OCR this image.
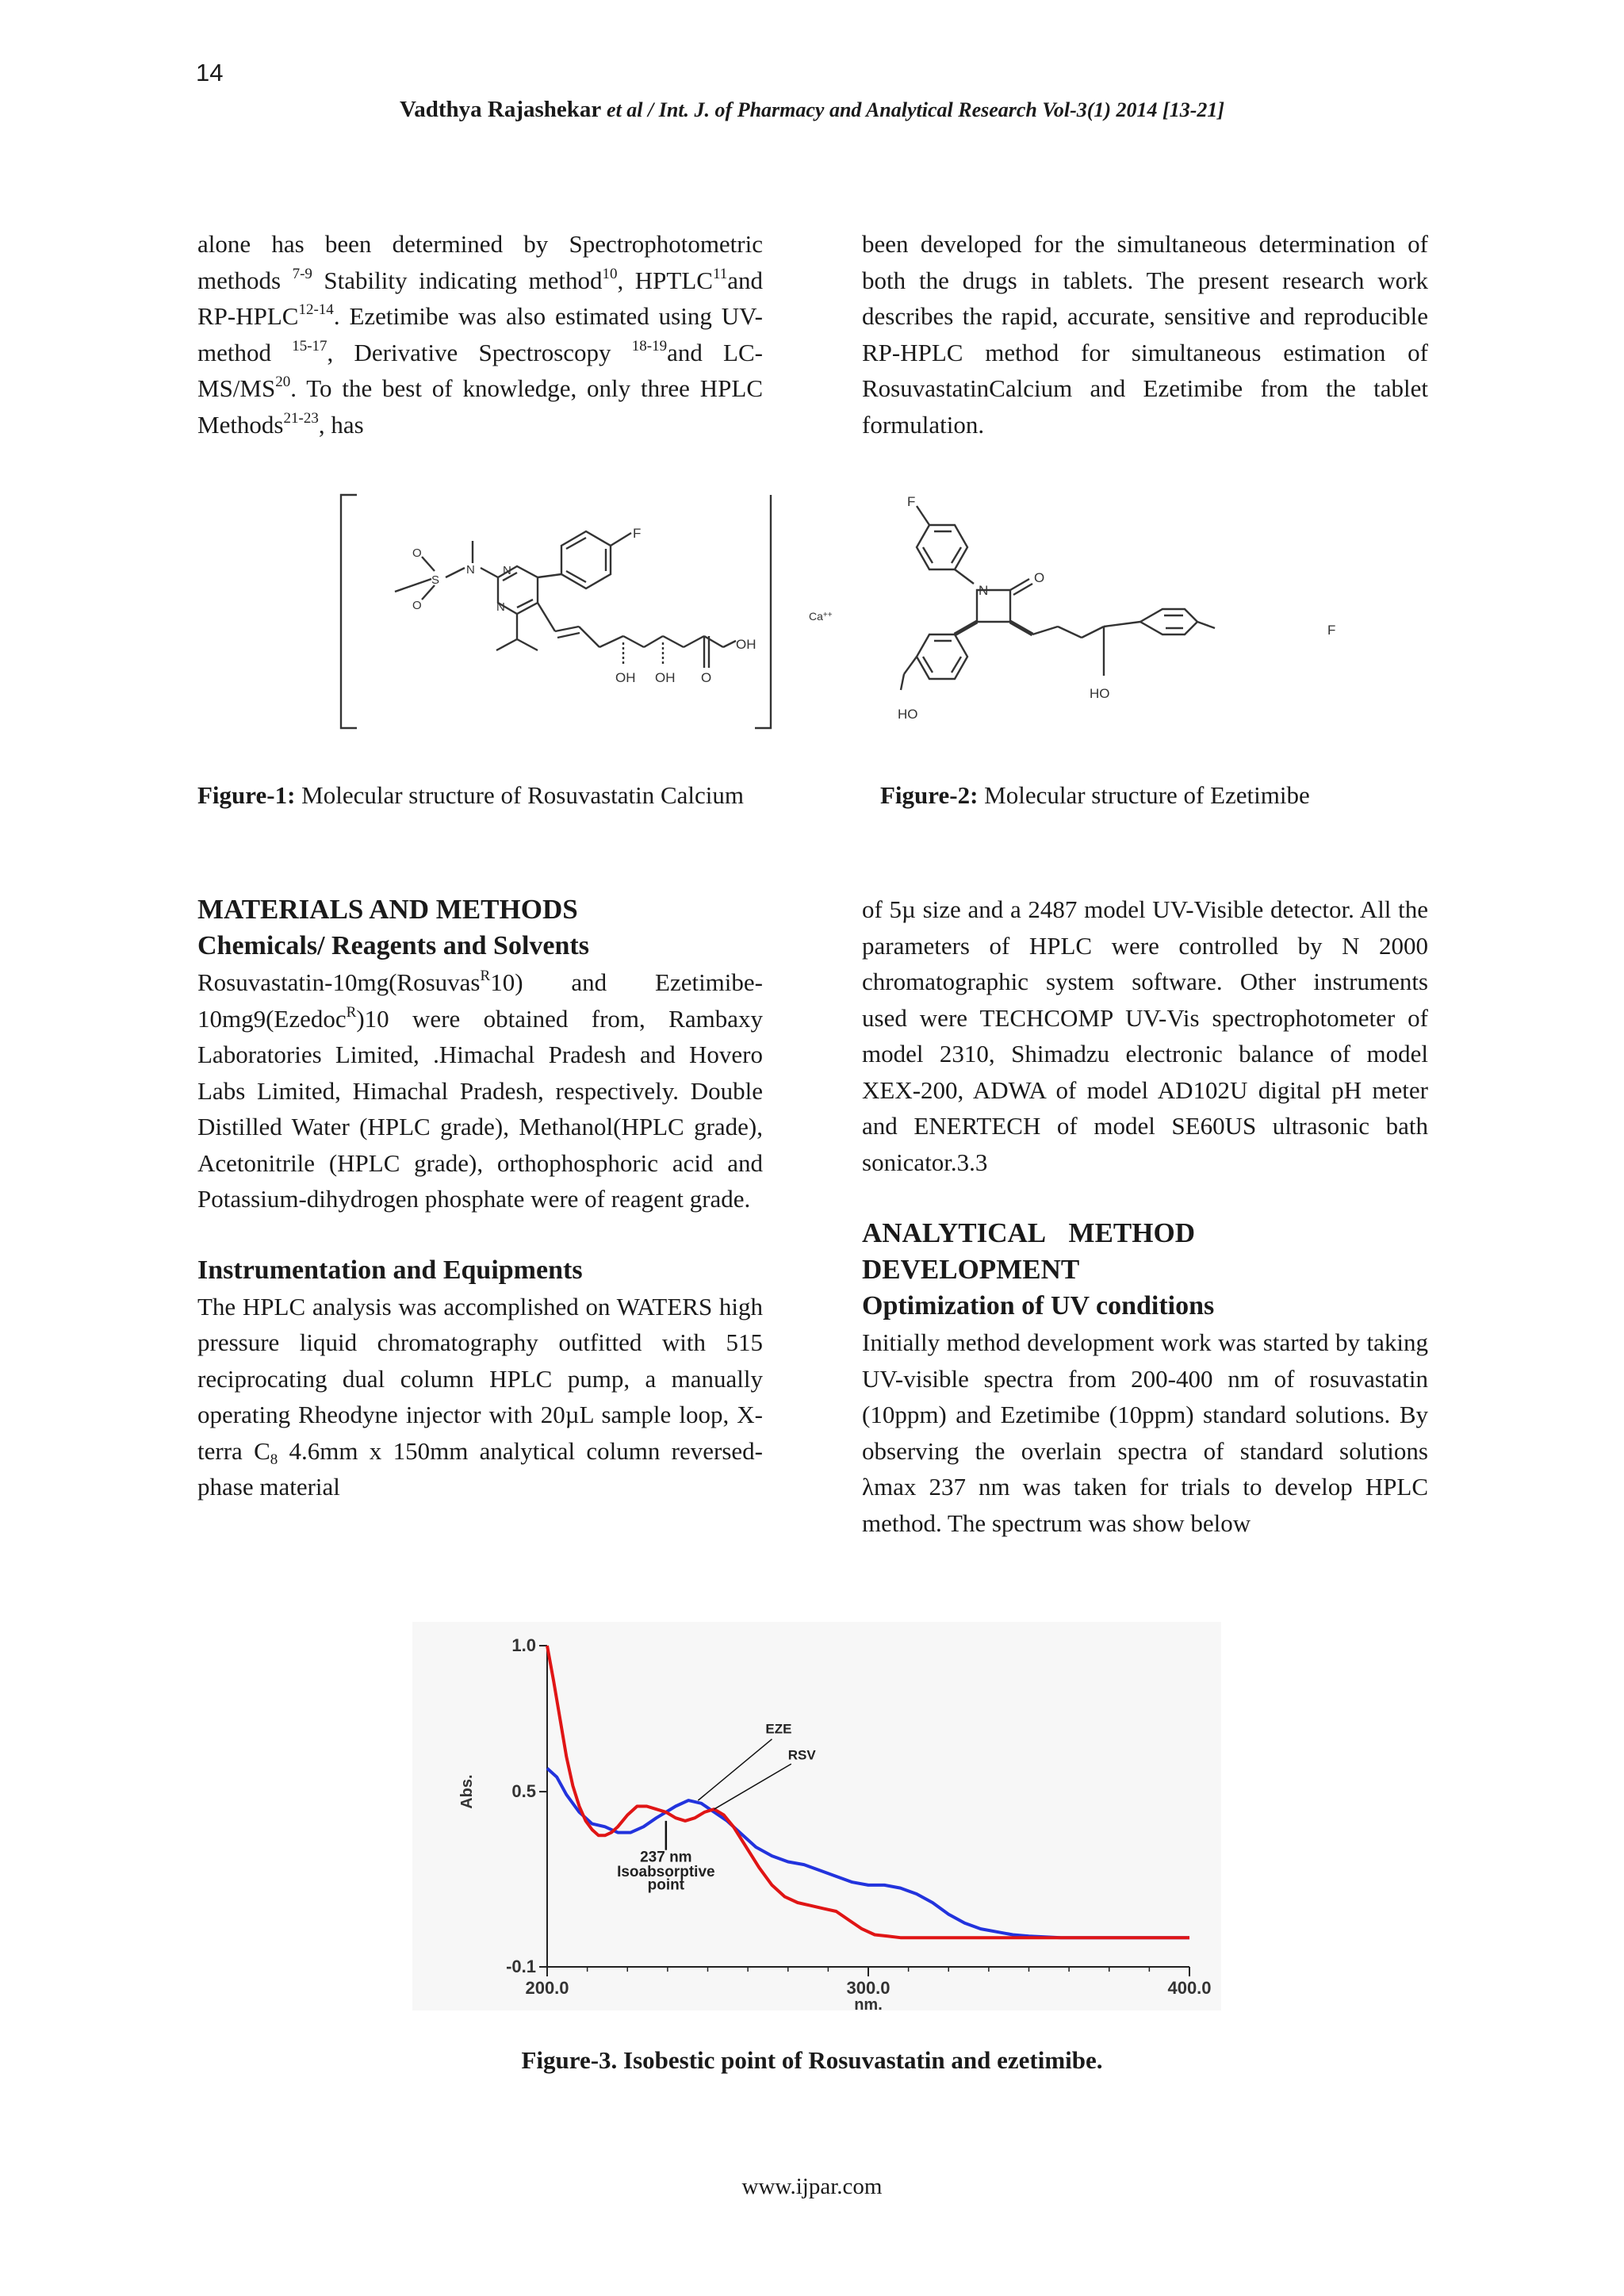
14
Vadthya Rajashekar et al / Int. J. of Pharmacy and Analytical Research Vol-3(1) 2014 [13-21]

alone has been determined by Spectrophotometric methods $^{7-9}$ Stability indicating method$^{10}$, HPTLC$^{11}$and RP-HPLC$^{12-14}$. Ezetimibe was also estimated using UV-method $^{15-17}$, Derivative Spectroscopy $^{18-19}$and LC-MS/MS$^{20}$. To the best of knowledge, only three HPLC Methods$^{21-23}$, has

been developed for the simultaneous determination of both the drugs in tablets. The present research work describes the rapid, accurate, sensitive and reproducible RP-HPLC method for simultaneous estimation of RosuvastatinCalcium and Ezetimibe from the tablet formulation.

F
N
N
N
S
O
O
OH OH O
OH
Ca++
F
N
O
HO
HO
F
Figure-1: Molecular structure of Rosuvastatin Calcium	Figure-2: Molecular structure of Ezetimibe
MATERIALS AND METHODS
Chemicals/ Reagents and Solvents

Rosuvastatin-10mg(Rosuvas$^R$10) and Ezetimibe-10mg9(Ezedoc$^R$)10 were obtained from, Rambaxy Laboratories Limited, .Himachal Pradesh and Hovero Labs Limited, Himachal Pradesh, respectively. Double Distilled Water (HPLC grade), Methanol(HPLC grade), Acetonitrile (HPLC grade), orthophosphoric acid and Potassium-dihydrogen phosphate were of reagent grade.

Instrumentation and Equipments

The HPLC analysis was accomplished on WATERS high pressure liquid chromatography outfitted with 515 reciprocating dual column HPLC pump, a manually operating Rheodyne injector with 20µL sample loop, X-terra $C_8$ 4.6mm x 150mm analytical column reversed-phase material

of 5µ size and a 2487 model UV-Visible detector. All the parameters of HPLC were controlled by N 2000 chromatographic system software. Other instruments used were TECHCOMP UV-Vis spectrophotometer of model 2310, Shimadzu electronic balance of model XEX-200, ADWA of model AD102U digital pH meter and ENERTECH of model SE60US ultrasonic bath sonicator.3.3

ANALYTICAL METHOD DEVELOPMENT
Optimization of UV conditions

Initially method development work was started by taking UV-visible spectra from 200-400 nm of rosuvastatin (10ppm) and Ezetimibe (10ppm) standard solutions. By observing the overlain spectra of standard solutions λmax 237 nm was taken for trials to develop HPLC method. The spectrum was show below

200.0	300.0	400.0
1.0
0.5
-0.1
nm.
Abs.
EZE
RSV
237 nm
Isoabsorptive
point
Figure-3. Isobestic point of Rosuvastatin and ezetimibe.
www.ijpar.com
